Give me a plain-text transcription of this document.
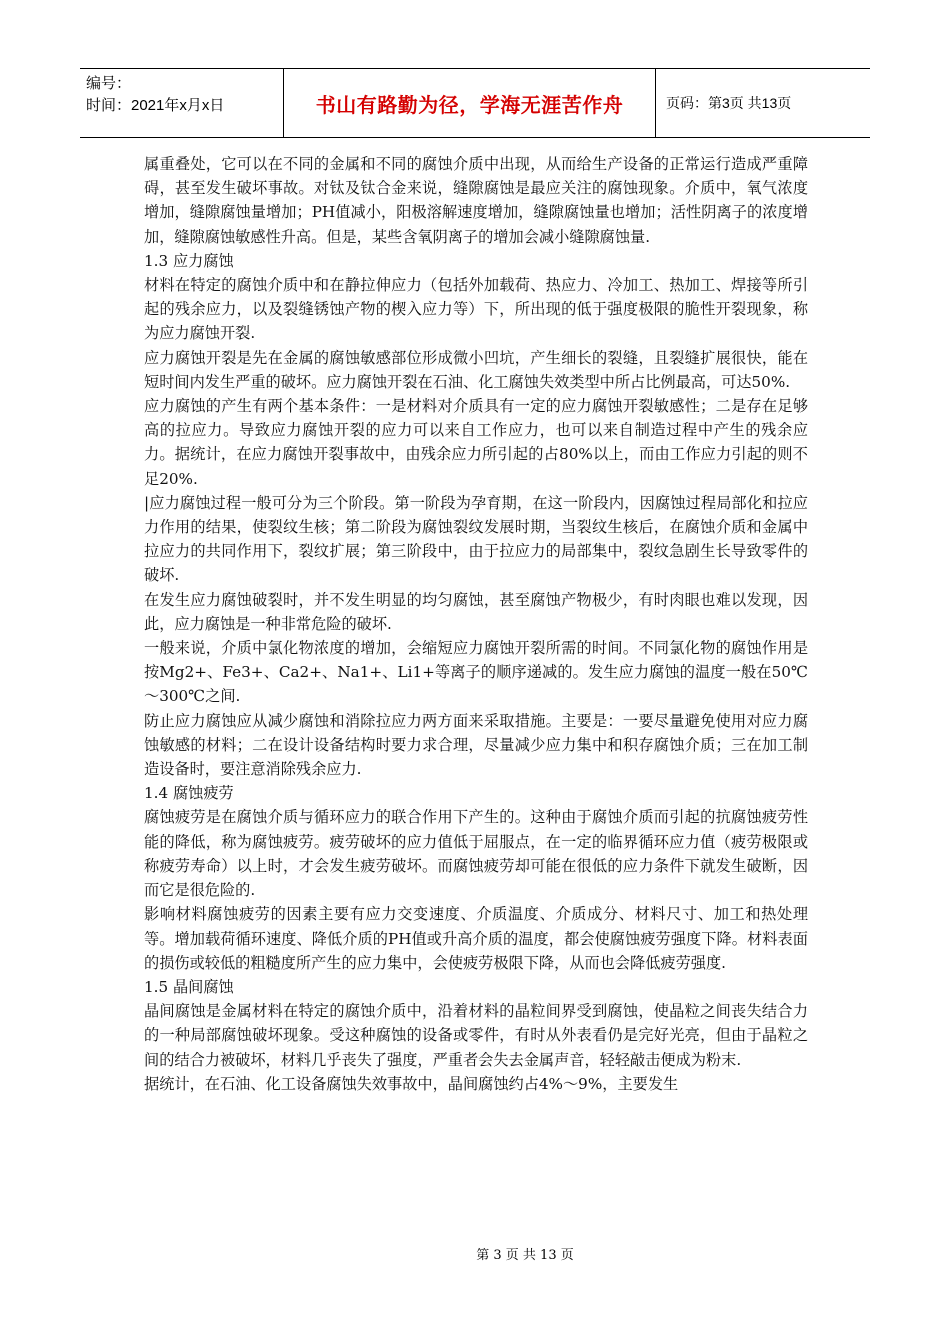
编号：
时间：2021年x月x日	书山有路勤为径，学海无涯苦作舟	页码：第3页 共13页

属重叠处，它可以在不同的金属和不同的腐蚀介质中出现，从而给生产设备的正常运行造成严重障碍，甚至发生破坏事故。对钛及钛合金来说，缝隙腐蚀是最应关注的腐蚀现象。介质中，氧气浓度增加，缝隙腐蚀量增加；PH值减小，阳极溶解速度增加，缝隙腐蚀量也增加；活性阴离子的浓度增加，缝隙腐蚀敏感性升高。但是，某些含氧阴离子的增加会减小缝隙腐蚀量.

1.3 应力腐蚀

材料在特定的腐蚀介质中和在静拉伸应力（包括外加载荷、热应力、冷加工、热加工、焊接等所引起的残余应力，以及裂缝锈蚀产物的楔入应力等）下，所出现的低于强度极限的脆性开裂现象，称为应力腐蚀开裂.

应力腐蚀开裂是先在金属的腐蚀敏感部位形成微小凹坑，产生细长的裂缝，且裂缝扩展很快，能在短时间内发生严重的破坏。应力腐蚀开裂在石油、化工腐蚀失效类型中所占比例最高，可达50%.

应力腐蚀的产生有两个基本条件：一是材料对介质具有一定的应力腐蚀开裂敏感性；二是存在足够高的拉应力。导致应力腐蚀开裂的应力可以来自工作应力，也可以来自制造过程中产生的残余应力。据统计，在应力腐蚀开裂事故中，由残余应力所引起的占80%以上，而由工作应力引起的则不足20%.

|应力腐蚀过程一般可分为三个阶段。第一阶段为孕育期，在这一阶段内，因腐蚀过程局部化和拉应力作用的结果，使裂纹生核；第二阶段为腐蚀裂纹发展时期，当裂纹生核后，在腐蚀介质和金属中拉应力的共同作用下，裂纹扩展；第三阶段中，由于拉应力的局部集中，裂纹急剧生长导致零件的破坏.

在发生应力腐蚀破裂时，并不发生明显的均匀腐蚀，甚至腐蚀产物极少，有时肉眼也难以发现，因此，应力腐蚀是一种非常危险的破坏.

一般来说，介质中氯化物浓度的增加，会缩短应力腐蚀开裂所需的时间。不同氯化物的腐蚀作用是按Mg2+、Fe3+、Ca2+、Na1+、Li1+等离子的顺序递减的。发生应力腐蚀的温度一般在50℃～300℃之间.

防止应力腐蚀应从减少腐蚀和消除拉应力两方面来采取措施。主要是：一要尽量避免使用对应力腐蚀敏感的材料；二在设计设备结构时要力求合理，尽量减少应力集中和积存腐蚀介质；三在加工制造设备时，要注意消除残余应力.

1.4 腐蚀疲劳

腐蚀疲劳是在腐蚀介质与循环应力的联合作用下产生的。这种由于腐蚀介质而引起的抗腐蚀疲劳性能的降低，称为腐蚀疲劳。疲劳破坏的应力值低于屈服点，在一定的临界循环应力值（疲劳极限或称疲劳寿命）以上时，才会发生疲劳破坏。而腐蚀疲劳却可能在很低的应力条件下就发生破断，因而它是很危险的.

影响材料腐蚀疲劳的因素主要有应力交变速度、介质温度、介质成分、材料尺寸、加工和热处理等。增加载荷循环速度、降低介质的PH值或升高介质的温度，都会使腐蚀疲劳强度下降。材料表面的损伤或较低的粗糙度所产生的应力集中，会使疲劳极限下降，从而也会降低疲劳强度.

1.5 晶间腐蚀

晶间腐蚀是金属材料在特定的腐蚀介质中，沿着材料的晶粒间界受到腐蚀，使晶粒之间丧失结合力的一种局部腐蚀破坏现象。受这种腐蚀的设备或零件，有时从外表看仍是完好光亮，但由于晶粒之间的结合力被破坏，材料几乎丧失了强度，严重者会失去金属声音，轻轻敲击便成为粉末.

据统计，在石油、化工设备腐蚀失效事故中，晶间腐蚀约占4%～9%，主要发生

第 3 页 共 13 页
